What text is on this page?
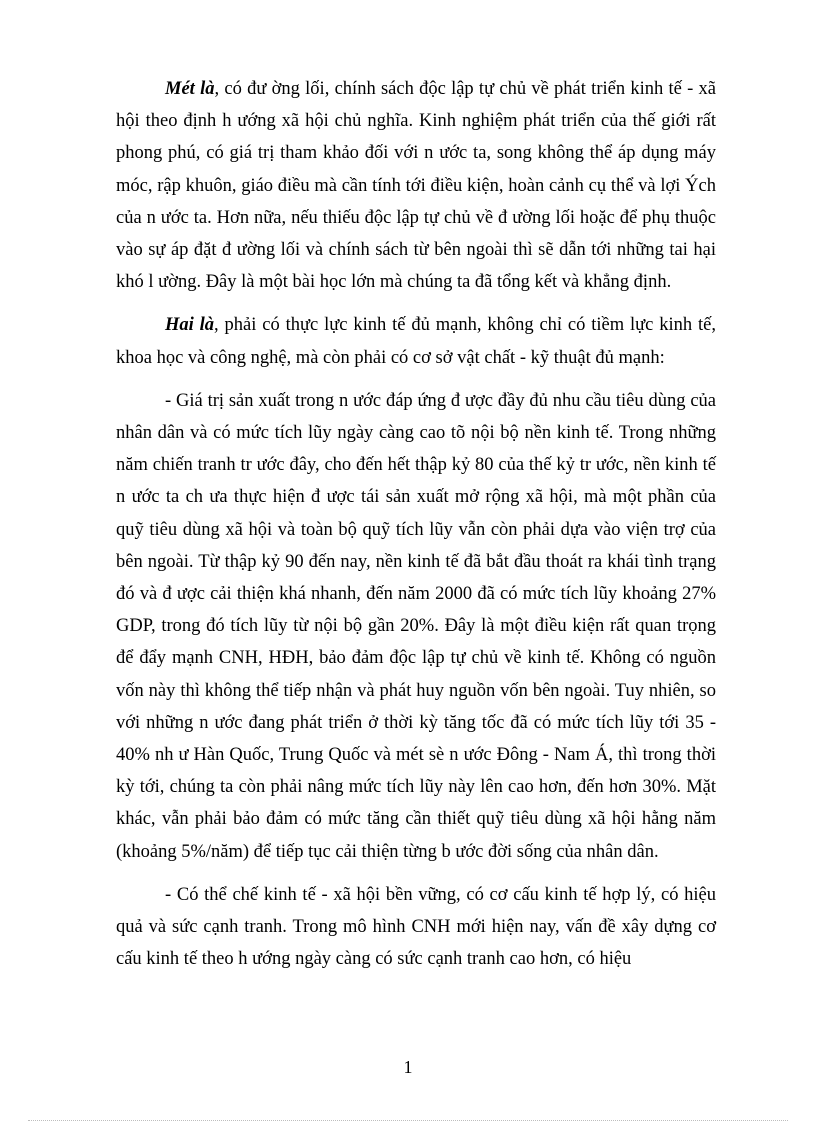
Mét là, có đư ờng lối, chính sách độc lập tự chủ về phát triển kinh tế - xã hội theo định h ướng xã hội chủ nghĩa. Kinh nghiệm phát triển của thế giới rất phong phú, có giá trị tham khảo đối với n ước ta, song không thể áp dụng máy móc, rập khuôn, giáo điều mà cần tính tới điều kiện, hoàn cảnh cụ thể và lợi Ých của n ước ta. Hơn nữa, nếu thiếu độc lập tự chủ về đ ường lối hoặc để phụ thuộc vào sự áp đặt đ ường lối và chính sách từ bên ngoài thì sẽ dẫn tới những tai hại khó l ường. Đây là một bài học lớn mà chúng ta đã tổng kết và khẳng định.

Hai là, phải có thực lực kinh tế đủ mạnh, không chỉ có tiềm lực kinh tế, khoa học và công nghệ, mà còn phải có cơ sở vật chất - kỹ thuật đủ mạnh:

- Giá trị sản xuất trong n ước đáp ứng đ ược đầy đủ nhu cầu tiêu dùng của nhân dân và có mức tích lũy ngày càng cao tõ nội bộ nền kinh tế. Trong những năm chiến tranh tr ước đây, cho đến hết thập kỷ 80 của thế kỷ tr ước, nền kinh tế n ước ta ch ưa thực hiện đ ược tái sản xuất mở rộng xã hội, mà một phần của quỹ tiêu dùng xã hội và toàn bộ quỹ tích lũy vẫn còn phải dựa vào viện trợ của bên ngoài. Từ thập kỷ 90 đến nay, nền kinh tế đã bắt đầu thoát ra khái tình trạng đó và đ ược cải thiện khá nhanh, đến năm 2000 đã có mức tích lũy khoảng 27% GDP, trong đó tích lũy từ nội bộ gần 20%. Đây là một điều kiện rất quan trọng để đẩy mạnh CNH, HĐH, bảo đảm độc lập tự chủ về kinh tế. Không có nguồn vốn này thì không thể tiếp nhận và phát huy nguồn vốn bên ngoài. Tuy nhiên, so với những n ước đang phát triển ở thời kỳ tăng tốc đã có mức tích lũy tới 35 - 40% nh ư Hàn Quốc, Trung Quốc và mét sè n ước Đông - Nam Á, thì trong thời kỳ tới, chúng ta còn phải nâng mức tích lũy này lên cao hơn, đến hơn 30%. Mặt khác, vẫn phải bảo đảm có mức tăng cần thiết quỹ tiêu dùng xã hội hằng năm (khoảng 5%/năm) để tiếp tục cải thiện từng b ước đời sống của nhân dân.

- Có thể chế kinh tế - xã hội bền vững, có cơ cấu kinh tế hợp lý, có hiệu quả và sức cạnh tranh. Trong mô hình CNH mới hiện nay, vấn đề xây dựng cơ cấu kinh tế theo h ướng ngày càng có sức cạnh tranh cao hơn, có hiệu

1
